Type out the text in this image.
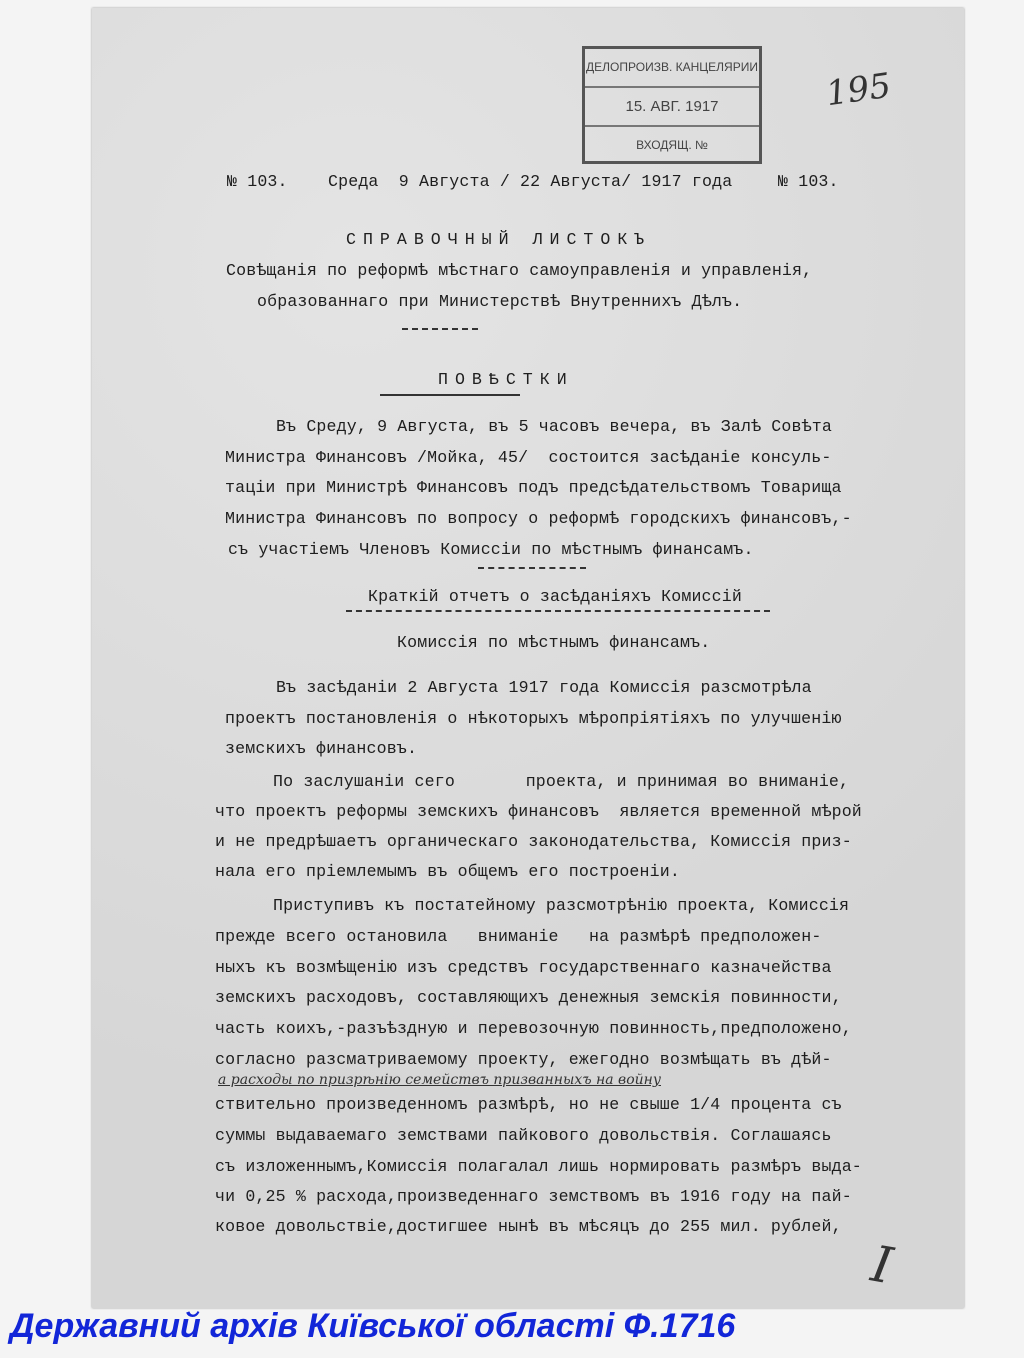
ДЕЛОПРОИЗВ. КАНЦЕЛЯРИИ
15. АВГ. 1917
ВХОДЯЩ. №
195
№ 103. Среда  9 Августа / 22 Августа/ 1917 года	№ 103.
СПРАВОЧНЫЙ ЛИСТОКЪ
Совѣщанія по реформѣ мѣстнаго самоуправленія и управленія,
образованнаго при Министерствѣ Внутреннихъ Дѣлъ.
ПОВѢСТКИ
Въ Среду, 9 Августа, въ 5 часовъ вечера, въ Залѣ Совѣта
Министра Финансовъ /Мойка, 45/  состоится засѣданіе консуль-
таціи при Министрѣ Финансовъ подъ предсѣдательствомъ Товарища
Министра Финансовъ по вопросу о реформѣ городскихъ финансовъ,-
съ участіемъ Членовъ Комиссіи по мѣстнымъ финансамъ.
Краткій отчетъ о засѣданіяхъ Комиссій
Комиссія по мѣстнымъ финансамъ.
Въ засѣданіи 2 Августа 1917 года Комиссія разсмотрѣла
проектъ постановленія о нѣкоторыхъ мѣропріятіяхъ по улучшенію
земскихъ финансовъ.
По заслушаніи сего       проекта, и принимая во вниманіе,
что проектъ реформы земскихъ финансовъ  является временной мѣрой
и не предрѣшаетъ органическаго законодательства, Комиссія приз-
нала его пріемлемымъ въ общемъ его построеніи.
Приступивъ къ постатейному разсмотрѣнію проекта, Комиссія
прежде всего остановила   вниманіе   на размѣрѣ предположен-
ныхъ къ возмѣщенію изъ средствъ государственнаго казначейства
земскихъ расходовъ, составляющихъ денежныя земскія повинности,
часть коихъ,-разъѣздную и перевозочную повинность,предположено,
согласно разсматриваемому проекту, ежегодно возмѣщать въ дѣй-
ствительно произведенномъ размѣрѣ, но не свыше 1/4 процента съ
суммы выдаваемаго земствами пайкового довольствія. Соглашаясь
съ изложеннымъ,Комиссія полагалал лишь нормировать размѣръ выда-
чи 0,25 % расхода,произведеннаго земствомъ въ 1916 году на пай-
ковое довольствіе,достигшее нынѣ въ мѣсяцъ до 255 мил. рублей,
а расходы по призрѣнію семействъ призванныхъ на войну
I
Державний архів Київської області Ф.1716
